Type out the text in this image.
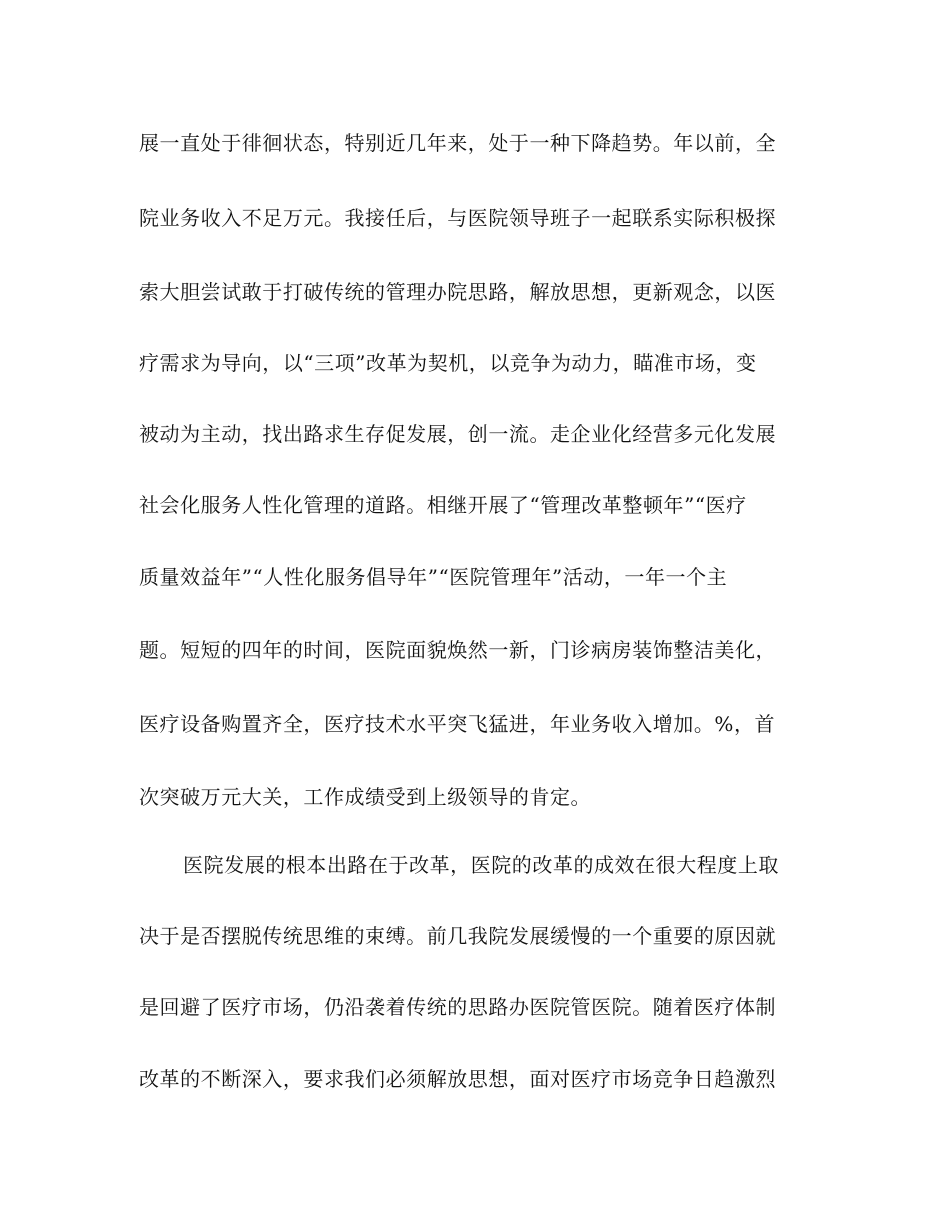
展一直处于徘徊状态，特别近几年来，处于一种下降趋势。年以前，全

院业务收入不足万元。我接任后，与医院领导班子一起联系实际积极探

索大胆尝试敢于打破传统的管理办院思路，解放思想，更新观念，以医

疗需求为导向，以“三项”改革为契机，以竞争为动力，瞄准市场，变

被动为主动，找出路求生存促发展，创一流。走企业化经营多元化发展

社会化服务人性化管理的道路。相继开展了“管理改革整顿年”“医疗

质量效益年”“人性化服务倡导年”“医院管理年”活动，一年一个主

题。短短的四年的时间，医院面貌焕然一新，门诊病房装饰整洁美化，

医疗设备购置齐全，医疗技术水平突飞猛进，年业务收入增加。%，首

次突破万元大关，工作成绩受到上级领导的肯定。

医院发展的根本出路在于改革，医院的改革的成效在很大程度上取

决于是否摆脱传统思维的束缚。前几我院发展缓慢的一个重要的原因就

是回避了医疗市场，仍沿袭着传统的思路办医院管医院。随着医疗体制

改革的不断深入，要求我们必须解放思想，面对医疗市场竞争日趋激烈
